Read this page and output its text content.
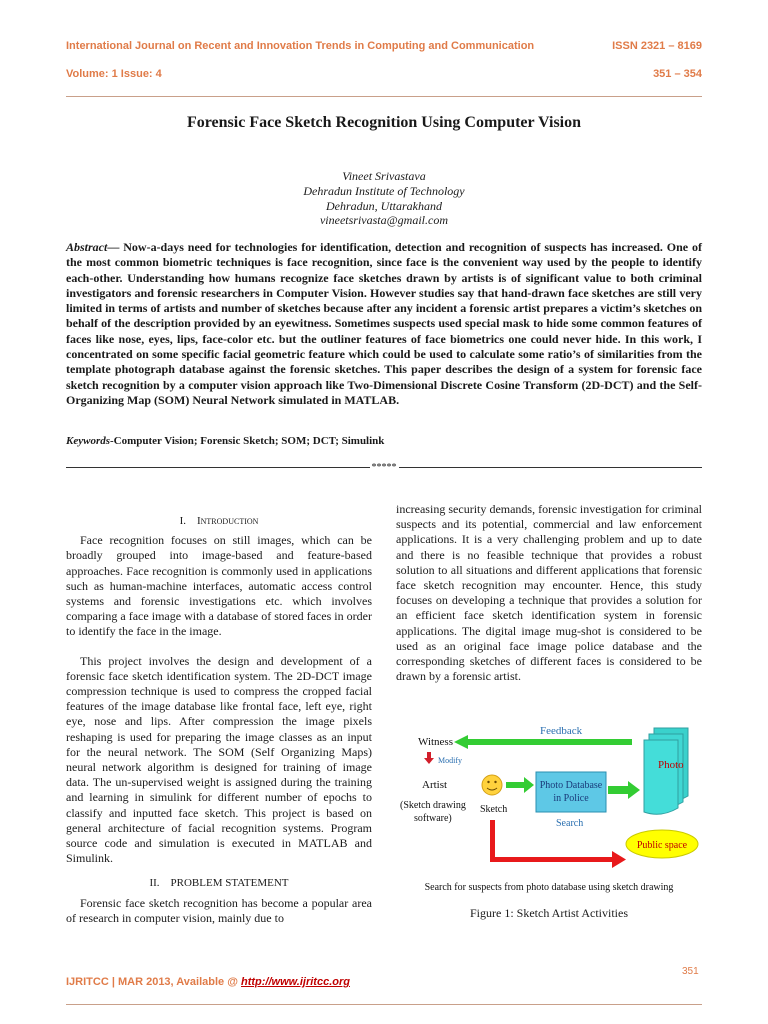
International Journal on Recent and Innovation Trends in Computing and Communication	ISSN 2321 – 8169
Volume: 1 Issue: 4	351 – 354
Forensic Face Sketch Recognition Using Computer Vision
Vineet Srivastava
Dehradun Institute of Technology
Dehradun, Uttarakhand
vineetsrivasta@gmail.com
Abstract— Now-a-days need for technologies for identification, detection and recognition of suspects has increased. One of the most common biometric techniques is face recognition, since face is the convenient way used by the people to identify each-other. Understanding how humans recognize face sketches drawn by artists is of significant value to both criminal investigators and forensic researchers in Computer Vision. However studies say that hand-drawn face sketches are still very limited in terms of artists and number of sketches because after any incident a forensic artist prepares a victim’s sketches on behalf of the description provided by an eyewitness. Sometimes suspects used special mask to hide some common features of faces like nose, eyes, lips, face-color etc. but the outliner features of face biometrics one could never hide. In this work, I concentrated on some specific facial geometric feature which could be used to calculate some ratio’s of similarities from the template photograph database against the forensic sketches. This paper describes the design of a system for forensic face sketch recognition by a computer vision approach like Two-Dimensional Discrete Cosine Transform (2D-DCT) and the Self-Organizing Map (SOM) Neural Network simulated in MATLAB.
Keywords-Computer Vision; Forensic Sketch; SOM; DCT; Simulink
*****
I. Introduction

Face recognition focuses on still images, which can be broadly grouped into image-based and feature-based approaches. Face recognition is commonly used in applications such as human-machine interfaces, automatic access control systems and forensic investigations etc. which involves comparing a face image with a database of stored faces in order to identify the face in the image.

This project involves the design and development of a forensic face sketch identification system. The 2D-DCT image compression technique is used to compress the cropped facial features of the image database like frontal face, left eye, right eye, nose and lips. After compression the image pixels reshaping is used for preparing the image classes as an input for the neural network. The SOM (Self Organizing Maps) neural network algorithm is designed for training of image data. The un-supervised weight is assigned during the training and learning in simulink for different number of epochs to classify and inputted face sketch. This project is based on general architecture of facial recognition systems. Program source code and simulation is executed in MATLAB and Simulink.

II. PROBLEM STATEMENT

Forensic face sketch recognition has become a popular area of research in computer vision, mainly due to

increasing security demands, forensic investigation for criminal suspects and its potential, commercial and law enforcement applications. It is a very challenging problem and up to date and there is no feasible technique that provides a robust solution to all situations and different applications that forensic face sketch recognition may encounter. Hence, this study focuses on developing a technique that provides a solution for an efficient face sketch identification system in forensic applications. The digital image mug-shot is considered to be used as an original face image police database and the corresponding sketches of different faces is considered to be drawn by a forensic artist.

Feedback
Witness
Modify
Artist
(Sketch drawing
software)
Sketch
Photo Database
in Police
Search
Photo
Public space
Search for suspects from photo database using sketch drawing
Figure 1: Sketch Artist Activities
351
IJRITCC | MAR 2013, Available @ http://www.ijritcc.org
